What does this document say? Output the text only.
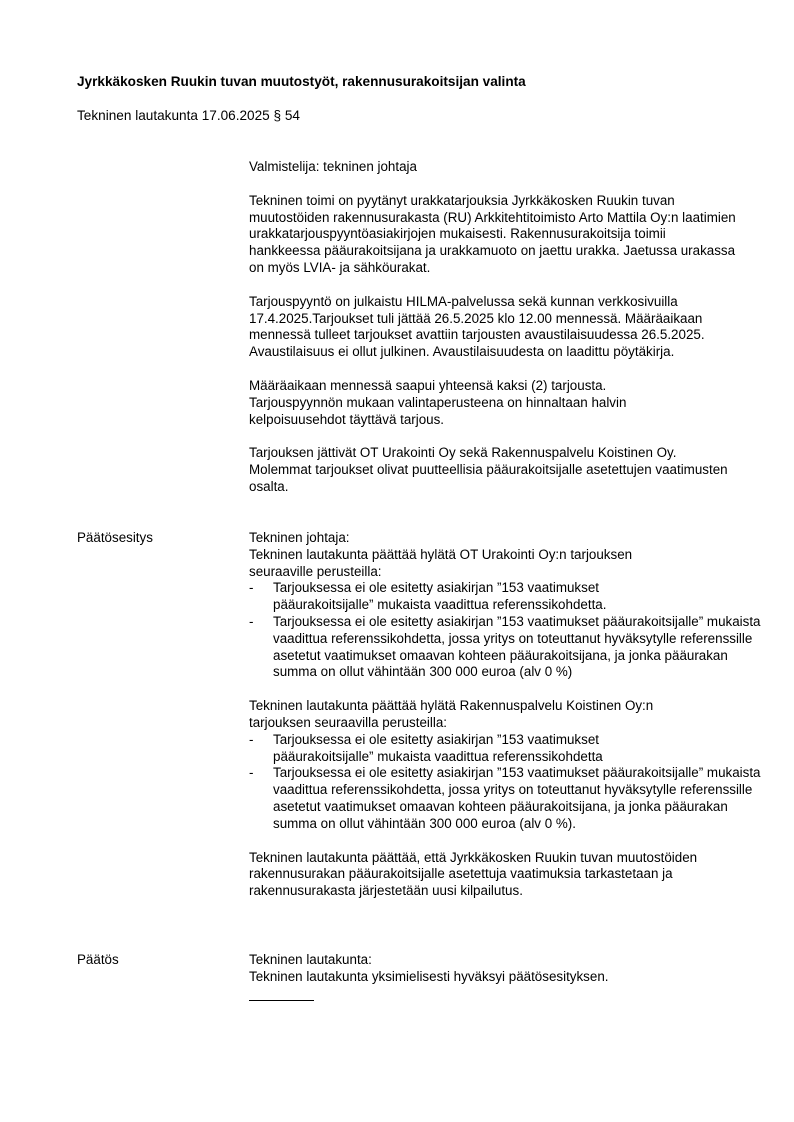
Jyrkkäkosken Ruukin tuvan muutostyöt, rakennusurakoitsijan valinta
Tekninen lautakunta 17.06.2025 § 54

Valmistelija: tekninen johtaja

Tekninen toimi on pyytänyt urakkatarjouksia Jyrkkäkosken Ruukin tuvan muutostöiden rakennusurakasta (RU) Arkkitehtitoimisto Arto Mattila Oy:n laatimien urakkatarjouspyyntöasiakirjojen mukaisesti. Rakennusurakoitsija toimii hankkeessa pääurakoitsijana ja urakkamuoto on jaettu urakka. Jaetussa urakassa on myös LVIA- ja sähköurakat.

Tarjouspyyntö on julkaistu HILMA-palvelussa sekä kunnan verkkosivuilla 17.4.2025.Tarjoukset tuli jättää 26.5.2025 klo 12.00 mennessä. Määräaikaan mennessä tulleet tarjoukset avattiin tarjousten avaustilaisuudessa 26.5.2025. Avaustilaisuus ei ollut julkinen. Avaustilaisuudesta on laadittu pöytäkirja.

Määräaikaan mennessä saapui yhteensä kaksi (2) tarjousta. Tarjouspyynnön mukaan valintaperusteena on hinnaltaan halvin kelpoisuusehdot täyttävä tarjous.

Tarjouksen jättivät OT Urakointi Oy sekä Rakennuspalvelu Koistinen Oy. Molemmat tarjoukset olivat puutteellisia pääurakoitsijalle asetettujen vaatimusten osalta.

Päätösesitys	Tekninen johtaja:

Tekninen lautakunta päättää hylätä OT Urakointi Oy:n tarjouksen seuraaville perusteilla:

- Tarjouksessa ei ole esitetty asiakirjan ”153 vaatimukset pääurakoitsijalle” mukaista vaadittua referenssikohdetta.
- Tarjouksessa ei ole esitetty asiakirjan ”153 vaatimukset pääurakoitsijalle” mukaista vaadittua referenssikohdetta, jossa yritys on toteuttanut hyväksytylle referenssille asetetut vaatimukset omaavan kohteen pääurakoitsijana, ja jonka pääurakan summa on ollut vähintään 300 000 euroa (alv 0 %)

Tekninen lautakunta päättää hylätä Rakennuspalvelu Koistinen Oy:n tarjouksen seuraavilla perusteilla:

- Tarjouksessa ei ole esitetty asiakirjan ”153 vaatimukset pääurakoitsijalle” mukaista vaadittua referenssikohdetta
- Tarjouksessa ei ole esitetty asiakirjan ”153 vaatimukset pääurakoitsijalle” mukaista vaadittua referenssikohdetta, jossa yritys on toteuttanut hyväksytylle referenssille asetetut vaatimukset omaavan kohteen pääurakoitsijana, ja jonka pääurakan summa on ollut vähintään 300 000 euroa (alv 0 %).

Tekninen lautakunta päättää, että Jyrkkäkosken Ruukin tuvan muutostöiden rakennusurakan pääurakoitsijalle asetettuja vaatimuksia tarkastetaan ja rakennusurakasta järjestetään uusi kilpailutus.

Päätös	Tekninen lautakunta:

Tekninen lautakunta yksimielisesti hyväksyi päätösesityksen.
